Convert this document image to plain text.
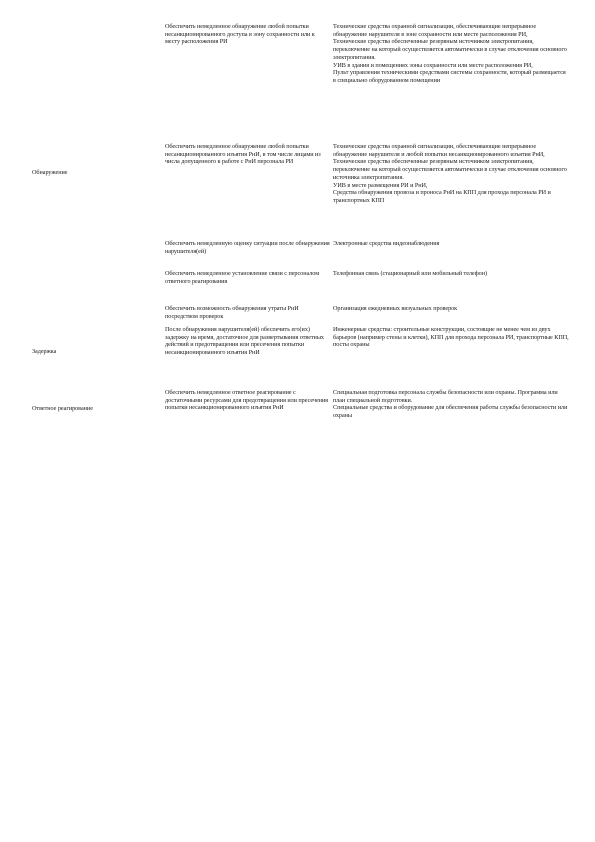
Обеспечить немедленное обнаружение любой попытки несанкционированного доступа в зону сохранности или к месту расположения РИ
Технические средства охранной сигнализации, обеспечивающие непрерывное обнаружение нарушителя в зоне сохранности или месте расположения РИ,
Технические средства обеспеченные резервным источником электропитания, переключение на который осуществляется автоматически в случае отключения основного электропитания.
УИВ в здания и помещениях зоны сохранности или месте расположения РИ,
Пульт управления техническими средствами системы сохранности, который размещается в специально оборудованном помещении
Обнаружение
Обеспечить немедленное обнаружение любой попытки несанкционированного изъятия РнИ, в том числе лицами из числа допущенного к работе с РнИ персонала РИ
Технические средства охранной сигнализации, обеспечивающие непрерывное обнаружение нарушителя и любой попытки несанкционированного изъятия РнИ,
Технические средства обеспеченные резервным источником электропитания, переключение на который осуществляется автоматически в случае отключения основного источника электропитания.
УИВ в месте размещения РИ и РнИ,
Средства обнаружения провоза и проноса РнИ на КПП для прохода персонала РИ и транспортных КПП
Обеспечить немедленную оценку ситуации после обнаружения нарушителя(ей)
Электронные средства видеонаблюдения
Обеспечить немедленное установление связи с персоналом ответного реагирования
Телефонная связь (стационарный или мобильный телефон)
Обеспечить возможность обнаружения утраты РнИ посредством проверок
Организация ежедневных визуальных проверок
Задержка
После обнаружения нарушителя(ей) обеспечить его(их) задержку на время, достаточное для развертывания ответных действий и предотвращения или пресечения попытки несанкционированного изъятия РнИ
Инженерные средства: строительные конструкции, состоящие не менее чем из двух барьеров (например стены и клетки), КПП для прохода персонала РИ, транспортные КПП, посты охраны
Ответное реагирование
Обеспечить немедленное ответное реагирование с достаточными ресурсами для предотвращения или пресечения попытки несанкционированного изъятия РнИ
Специальная подготовка персонала службы безопасности или охраны. Программа или план специальной подготовки.
Специальные средства и оборудование для обеспечения работы службы безопасности или охраны
